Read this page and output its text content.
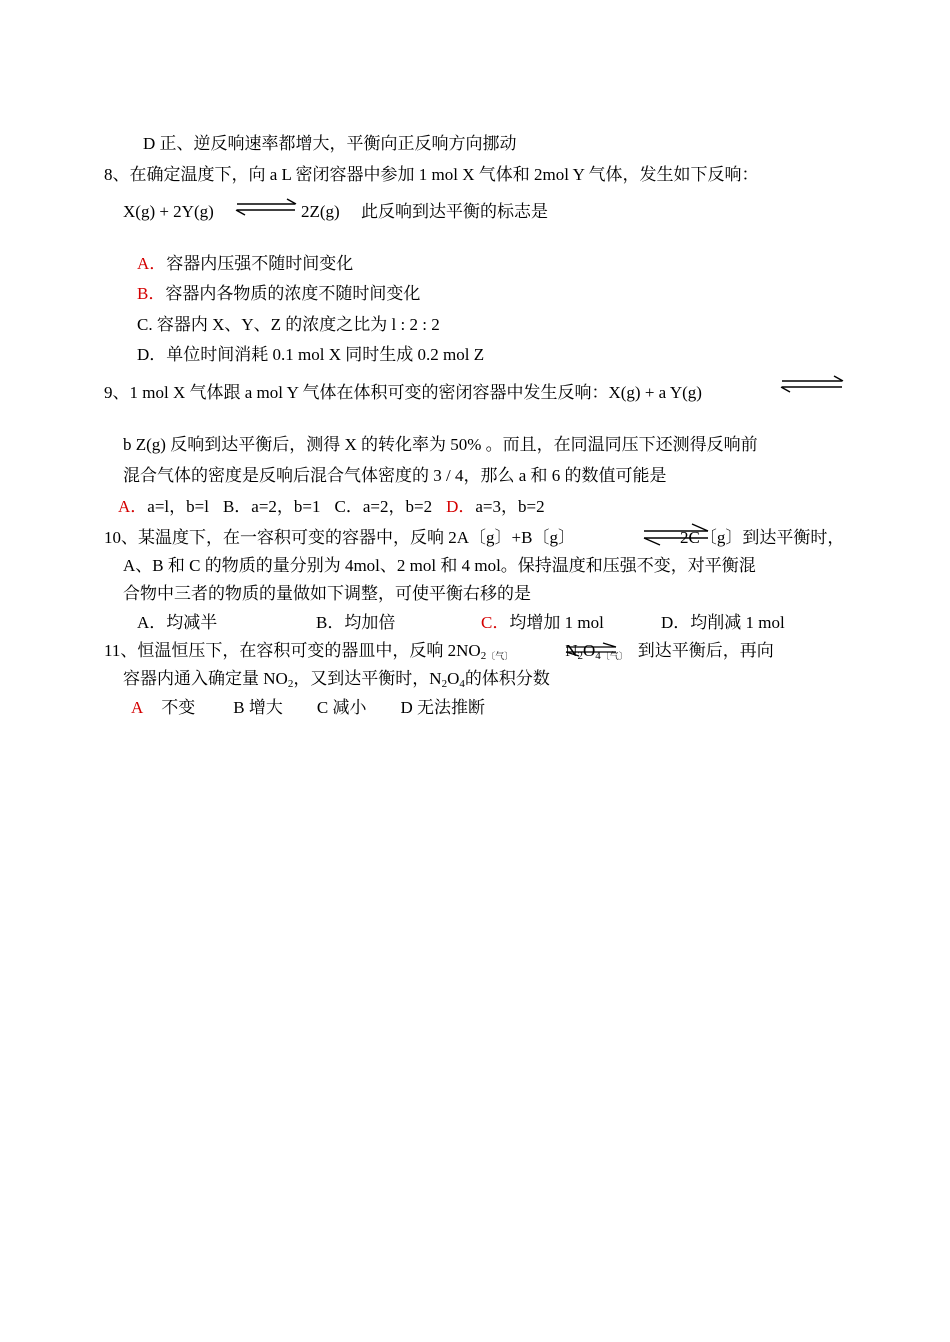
D 正、逆反响速率都增大，平衡向正反响方向挪动
8、在确定温度下，向 a L 密闭容器中参加 1 mol X 气体和 2mol Y 气体，发生如下反响：
X(g) + 2Y(g) ⇌ 2Z(g) 此反响到达平衡的标志是
A．容器内压强不随时间变化
B．容器内各物质的浓度不随时间变化
C. 容器内 X、Y、Z 的浓度之比为 l : 2 : 2
D．单位时间消耗 0.1 mol X 同时生成 0.2 mol Z
9、1 mol X 气体跟 a mol Y 气体在体积可变的密闭容器中发生反响：X(g) + a Y(g)
b Z(g) 反响到达平衡后，测得 X 的转化率为 50% 。而且，在同温同压下还测得反响前
混合气体的密度是反响后混合气体密度的 3 / 4，那么 a 和 6 的数值可能是
A．a=l，b=l B．a=2，b=1 C．a=2，b=2 D．a=3，b=2
10、某温度下，在一容积可变的容器中，反响 2A〔g〕+B〔g〕	2C〔g〕到达平衡时，
A、B 和 C 的物质的量分别为 4mol、2 mol 和 4 mol。保持温度和压强不变，对平衡混
合物中三者的物质的量做如下调整，可使平衡右移的是
A．均减半	B．均加倍	C．均增加 1 mol	D．均削减 1 mol
11、恒温恒压下，在容积可变的器皿中，反响 $2NO_2$〔气〕	$N_2O_4$〔气〕 到达平衡后，再向
容器内通入确定量 $NO_2$，又到达平衡时，$N_2O_4$的体积分数
A 不变 B 增大 C 减小 D 无法推断
